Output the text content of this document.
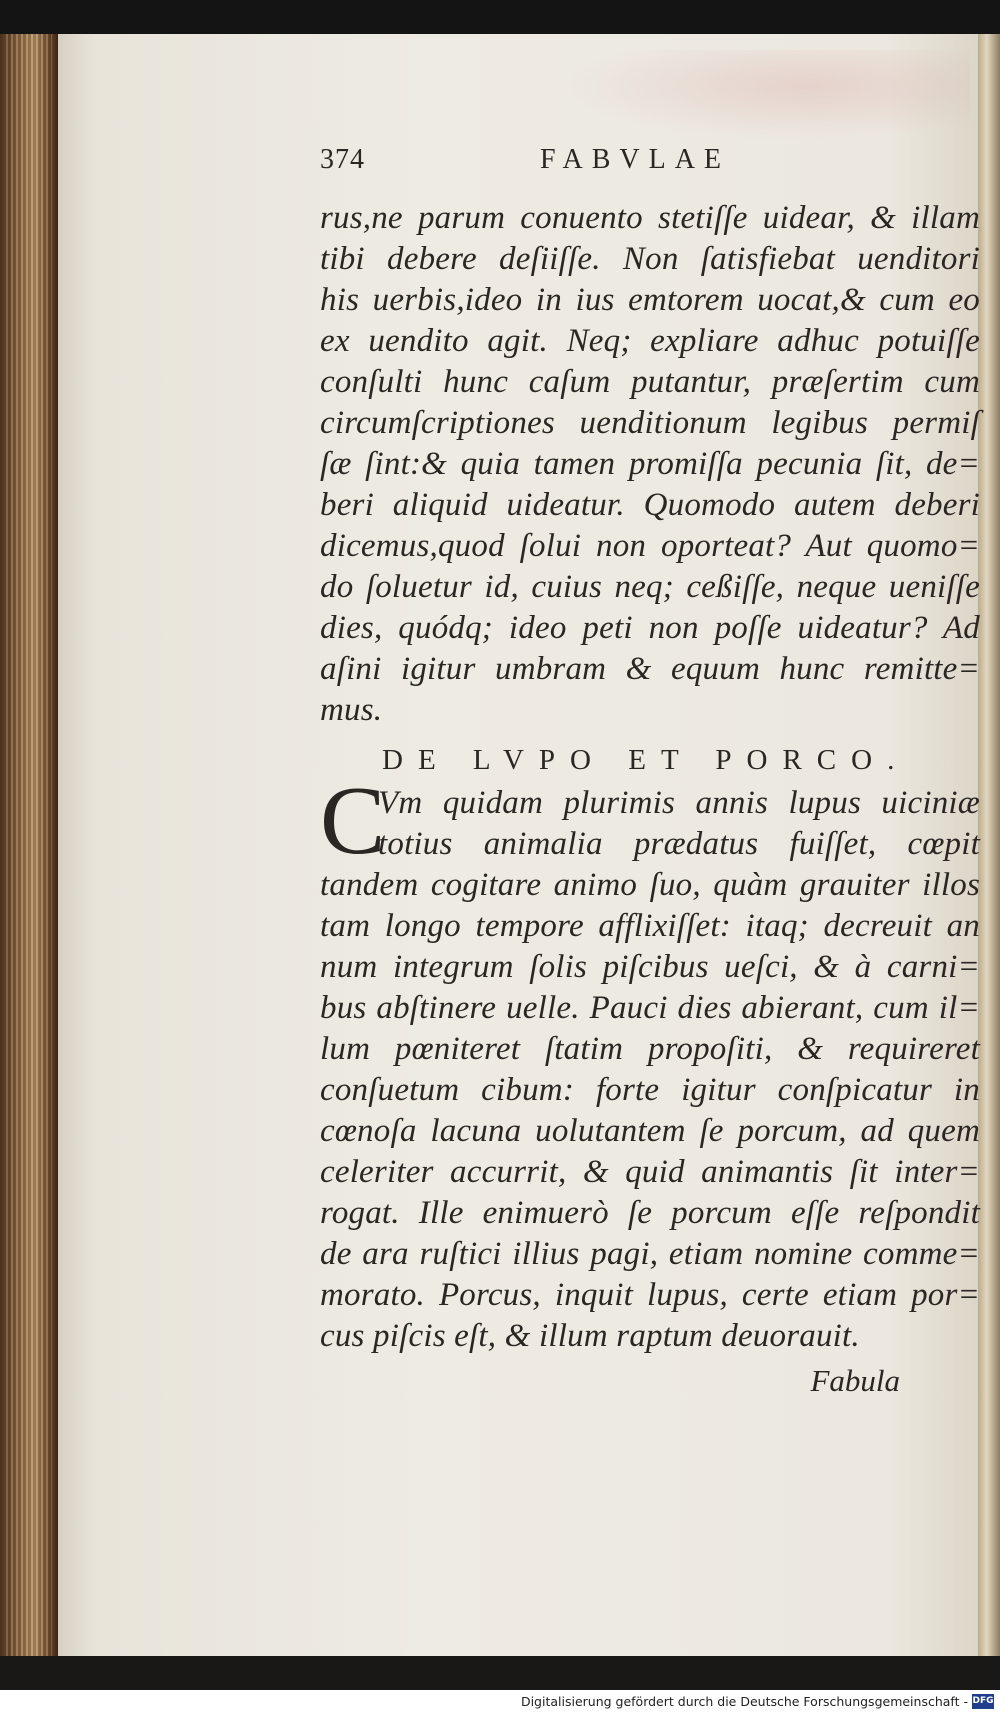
374	FABVLAE
rus,ne parum conuento stetiſſe uidear, & illam
tibi debere deſiiſſe. Non ſatisfiebat uenditori
his uerbis,ideo in ius emtorem uocat,& cum eo
ex uendito agit. Neq; expliare adhuc potuiſſe
conſulti hunc caſum putantur, præſertim cum
circumſcriptiones uenditionum legibus permiſ
ſæ ſint:& quia tamen promiſſa pecunia ſit, de=
beri aliquid uideatur. Quomodo autem deberi
dicemus,quod ſolui non oporteat? Aut quomo=
do ſoluetur id, cuius neq; ceßiſſe, neque ueniſſe
dies, quódq; ideo peti non poſſe uideatur? Ad
aſini igitur umbram & equum hunc remitte=
mus.
DE LVPO ET PORCO.
C
Vm quidam plurimis annis lupus uiciniæ
totius animalia prædatus fuiſſet, cœpit
tandem cogitare animo ſuo, quàm grauiter illos
tam longo tempore afflixiſſet: itaq; decreuit an
num integrum ſolis piſcibus ueſci, & à carni=
bus abſtinere uelle. Pauci dies abierant, cum il=
lum pœniteret ſtatim propoſiti, & requireret
conſuetum cibum: forte igitur conſpicatur in
cœnoſa lacuna uolutantem ſe porcum, ad quem
celeriter accurrit, & quid animantis ſit inter=
rogat. Ille enimuerò ſe porcum eſſe reſpondit
de ara ruſtici illius pagi, etiam nomine comme=
morato. Porcus, inquit lupus, certe etiam por=
cus piſcis eſt, & illum raptum deuorauit.
Fabula
Digitalisierung gefördert durch die Deutsche Forschungsgemeinschaft - DFG
